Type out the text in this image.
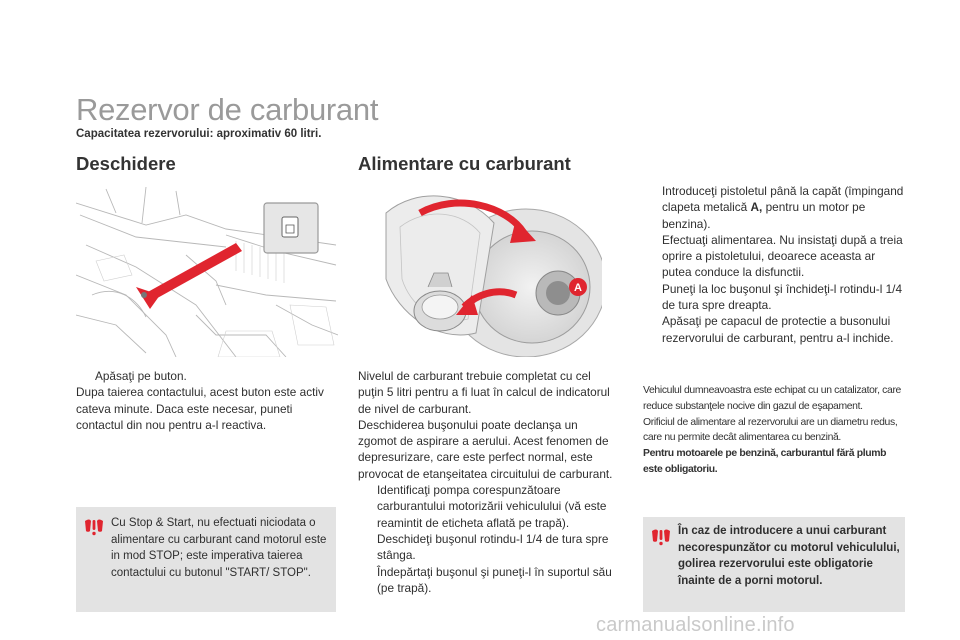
Rezervor de carburant
Capacitatea rezervorului: aproximativ 60 litri.
Deschidere	Alimentare cu carburant
A
Apăsaţi pe buton.
Dupa taierea contactului, acest buton este activ cateva minute. Daca este necesar, puneti contactul din nou pentru a-l reactiva.
Nivelul de carburant trebuie completat cu cel puţin 5 litri pentru a fi luat în calcul de indicatorul de nivel de carburant.
Deschiderea buşonului poate declanşa un zgomot de aspirare a aerului. Acest fenomen de depresurizare, care este perfect normal, este provocat de etanşeitatea circuitului de carburant.
Identificaţi pompa corespunzătoare carburantului motorizării vehiculului (vă este reamintit de eticheta aflată pe trapă).
Deschideţi buşonul rotindu-l 1/4 de tura spre stânga.
Îndepărtaţi buşonul şi puneţi-l în suportul său (pe trapă).
Introduceţi pistoletul până la capăt (împingand clapeta metalică A, pentru un motor pe benzina).
Efectuaţi alimentarea. Nu insistaţi după a treia oprire a pistoletului, deoarece aceasta ar putea conduce la disfunctii.
Puneţi la loc buşonul şi închideţi-l rotindu-l 1/4 de tura spre dreapta.
Apăsaţi pe capacul de protectie a busonului rezervorului de carburant, pentru a-l inchide.
Vehiculul dumneavoastra este echipat cu un catalizator, care reduce substanţele nocive din gazul de eşapament.
Orificiul de alimentare al rezervorului are un diametru redus, care nu permite decât alimentarea cu benzină.
Pentru motoarele pe benzină, carburantul fără plumb este obligatoriu.
Cu Stop & Start, nu efectuati niciodata o alimentare cu carburant cand motorul este in mod STOP; este imperativa taierea contactului cu butonul "START/ STOP".
În caz de introducere a unui carburant necorespunzător cu motorul vehiculului, golirea rezervorului este obligatorie înainte de a porni motorul.
carmanualsonline.info
